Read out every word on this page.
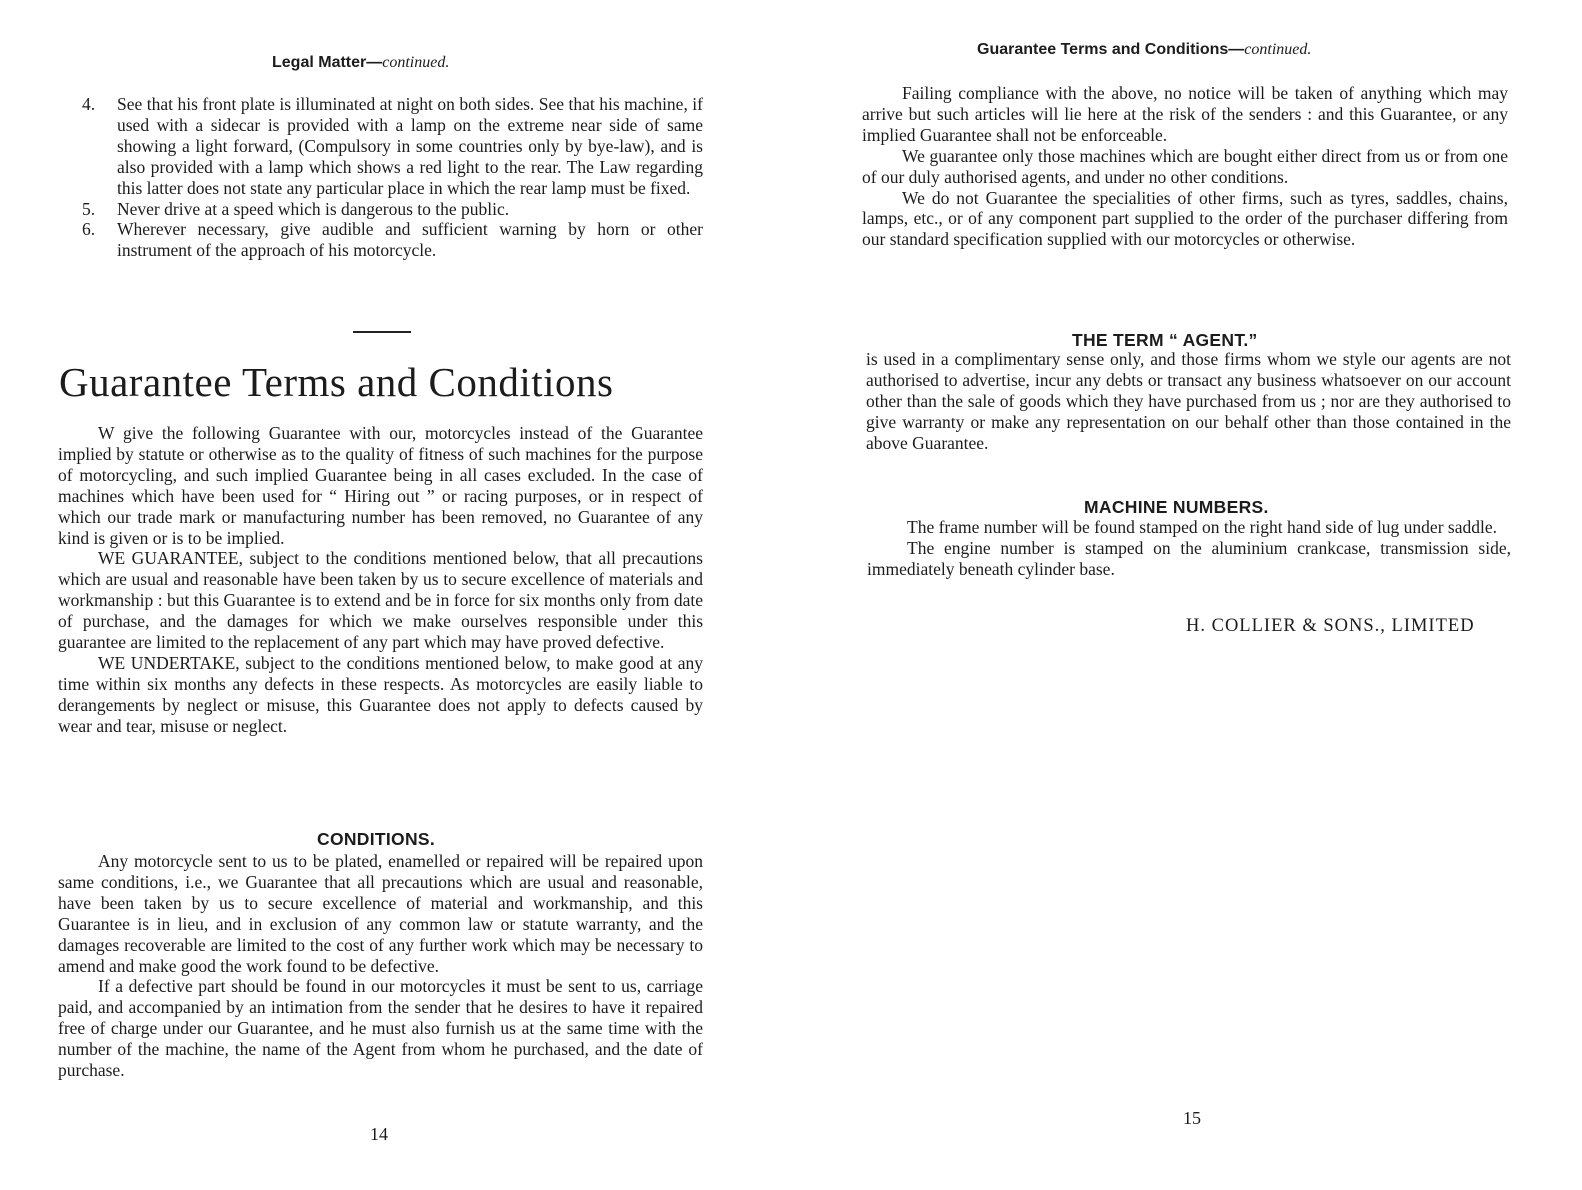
Legal Matter—continued.
4. See that his front plate is illuminated at night on both sides. See that his machine, if used with a sidecar is provided with a lamp on the extreme near side of same showing a light forward, (Compulsory in some countries only by bye-law), and is also provided with a lamp which shows a red light to the rear. The Law regarding this latter does not state any particular place in which the rear lamp must be fixed.
5. Never drive at a speed which is dangerous to the public.
6. Wherever necessary, give audible and sufficient warning by horn or other instrument of the approach of his motorcycle.
Guarantee Terms and Conditions

W give the following Guarantee with our, motorcycles instead of the Guarantee implied by statute or otherwise as to the quality of fitness of such machines for the purpose of motorcycling, and such implied Guarantee being in all cases excluded. In the case of machines which have been used for “ Hiring out ” or racing purposes, or in respect of which our trade mark or manufacturing number has been removed, no Guarantee of any kind is given or is to be implied.

WE GUARANTEE, subject to the conditions mentioned below, that all precautions which are usual and reasonable have been taken by us to secure excellence of materials and workmanship : but this Guarantee is to extend and be in force for six months only from date of purchase, and the damages for which we make ourselves responsible under this guarantee are limited to the replacement of any part which may have proved defective.

WE UNDERTAKE, subject to the conditions mentioned below, to make good at any time within six months any defects in these respects. As motorcycles are easily liable to derangements by neglect or misuse, this Guarantee does not apply to defects caused by wear and tear, misuse or neglect.

CONDITIONS.

Any motorcycle sent to us to be plated, enamelled or repaired will be repaired upon same conditions, i.e., we Guarantee that all precautions which are usual and reasonable, have been taken by us to secure excellence of material and workmanship, and this Guarantee is in lieu, and in exclusion of any common law or statute warranty, and the damages recoverable are limited to the cost of any further work which may be necessary to amend and make good the work found to be defective.

If a defective part should be found in our motorcycles it must be sent to us, carriage paid, and accompanied by an intimation from the sender that he desires to have it repaired free of charge under our Guarantee, and he must also furnish us at the same time with the number of the machine, the name of the Agent from whom he purchased, and the date of purchase.

14
Guarantee Terms and Conditions—continued.

Failing compliance with the above, no notice will be taken of anything which may arrive but such articles will lie here at the risk of the senders : and this Guarantee, or any implied Guarantee shall not be enforceable.

We guarantee only those machines which are bought either direct from us or from one of our duly authorised agents, and under no other conditions.

We do not Guarantee the specialities of other firms, such as tyres, saddles, chains, lamps, etc., or of any component part supplied to the order of the purchaser differing from our standard specification supplied with our motorcycles or otherwise.

THE TERM “ AGENT.”

is used in a complimentary sense only, and those firms whom we style our agents are not authorised to advertise, incur any debts or transact any business whatsoever on our account other than the sale of goods which they have purchased from us ; nor are they authorised to give warranty or make any representation on our behalf other than those contained in the above Guarantee.

MACHINE NUMBERS.

The frame number will be found stamped on the right hand side of lug under saddle.

The engine number is stamped on the aluminium crankcase, transmission side, immediately beneath cylinder base.

H. COLLIER & SONS., LIMITED
15
